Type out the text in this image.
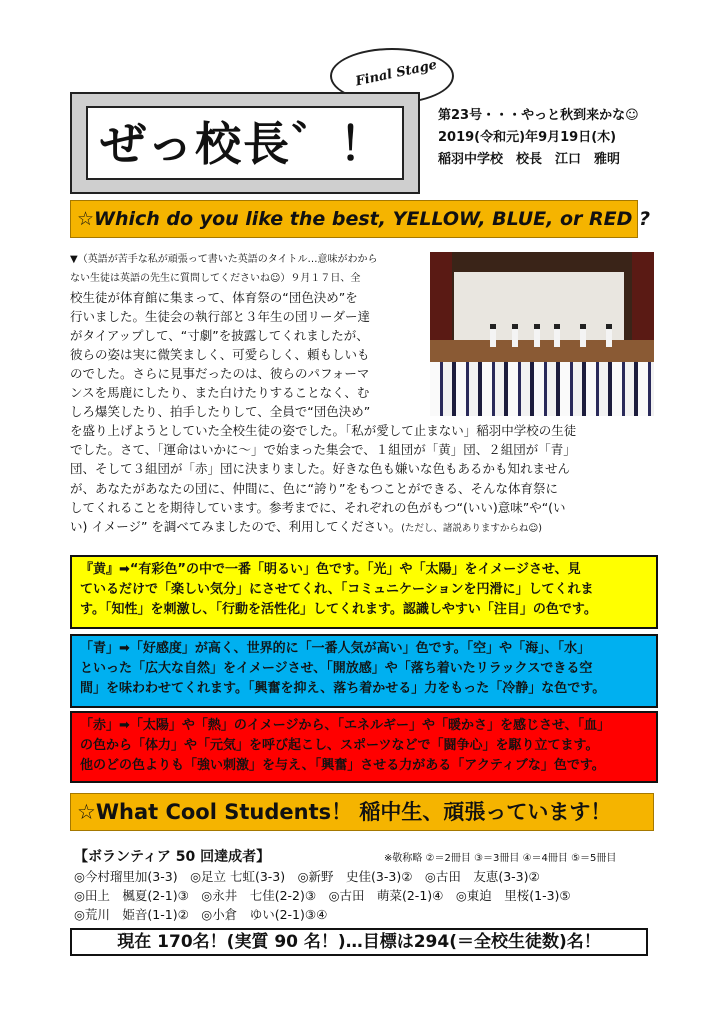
Final Stage
ぜっ校長゛！
第23号・・・やっと秋到来かな☺
2019(令和元)年9月19日(木)
稲羽中学校　校長　江口　雅明
☆Which do you like the best, YELLOW, BLUE, or RED ?
▼（英語が苦手な私が頑張って書いた英語のタイトル…意味がわから
ない生徒は英語の先生に質問してくださいね☺）９月１７日、全
校生徒が体育館に集まって、体育祭の“団色決め”を
行いました。生徒会の執行部と３年生の団リーダー達
がタイアップして、“寸劇”を披露してくれましたが、
彼らの姿は実に微笑ましく、可愛らしく、頼もしいも
のでした。さらに見事だったのは、彼らのパフォーマ
ンスを馬鹿にしたり、また白けたりすることなく、む
しろ爆笑したり、拍手したりして、全員で“団色決め”
を盛り上げようとしていた全校生徒の姿でした。「私が愛して止まない」稲羽中学校の生徒
でした。さて、「運命はいかに～」で始まった集会で、１組団が「黄」団、２組団が「青」
団、そして３組団が「赤」団に決まりました。好きな色も嫌いな色もあるかも知れません
が、あなたがあなたの団に、仲間に、色に“誇り”をもつことができる、そんな体育祭に
してくれることを期待しています。参考までに、それぞれの色がもつ“(いい)意味”や“(い
い) イメージ” を調べてみましたので、利用してください。(ただし、諸説ありますからね☺)
『黄』➡“有彩色”の中で一番「明るい」色です。「光」や「太陽」をイメージさせ、見
ているだけで「楽しい気分」にさせてくれ、「コミュニケーションを円滑に」してくれま
す。「知性」を刺激し、「行動を活性化」してくれます。認識しやすい「注目」の色です。
「青」➡「好感度」が高く、世界的に「一番人気が高い」色です。「空」や「海」、「水」
といった「広大な自然」をイメージさせ、「開放感」や「落ち着いたリラックスできる空
間」を味わわせてくれます。「興奮を抑え、落ち着かせる」力をもった「冷静」な色です。
「赤」➡「太陽」や「熱」のイメージから、「エネルギー」や「暖かさ」を感じさせ、「血」
の色から「体力」や「元気」を呼び起こし、スポーツなどで「闘争心」を駆り立てます。
他のどの色よりも「強い刺激」を与え、「興奮」させる力がある「アクティブな」色です。
☆What Cool Students！ 稲中生、頑張っています！
【ボランティア 50 回達成者】	※敬称略 ②＝2冊目 ③＝3冊目 ④＝4冊目 ⑤＝5冊目
◎今村瑠里加(3-3)　◎足立 七虹(3-3)　◎新野　史佳(3-3)②　◎古田　友恵(3-3)②
◎田上　楓夏(2-1)③　◎永井　七佳(2-2)③　◎古田　萌菜(2-1)④　◎東迫　里桜(1-3)⑤
◎荒川　姫音(1-1)②　◎小倉　ゆい(2-1)③④
現在 170名！(実質 90 名！)…目標は294(＝全校生徒数)名！
